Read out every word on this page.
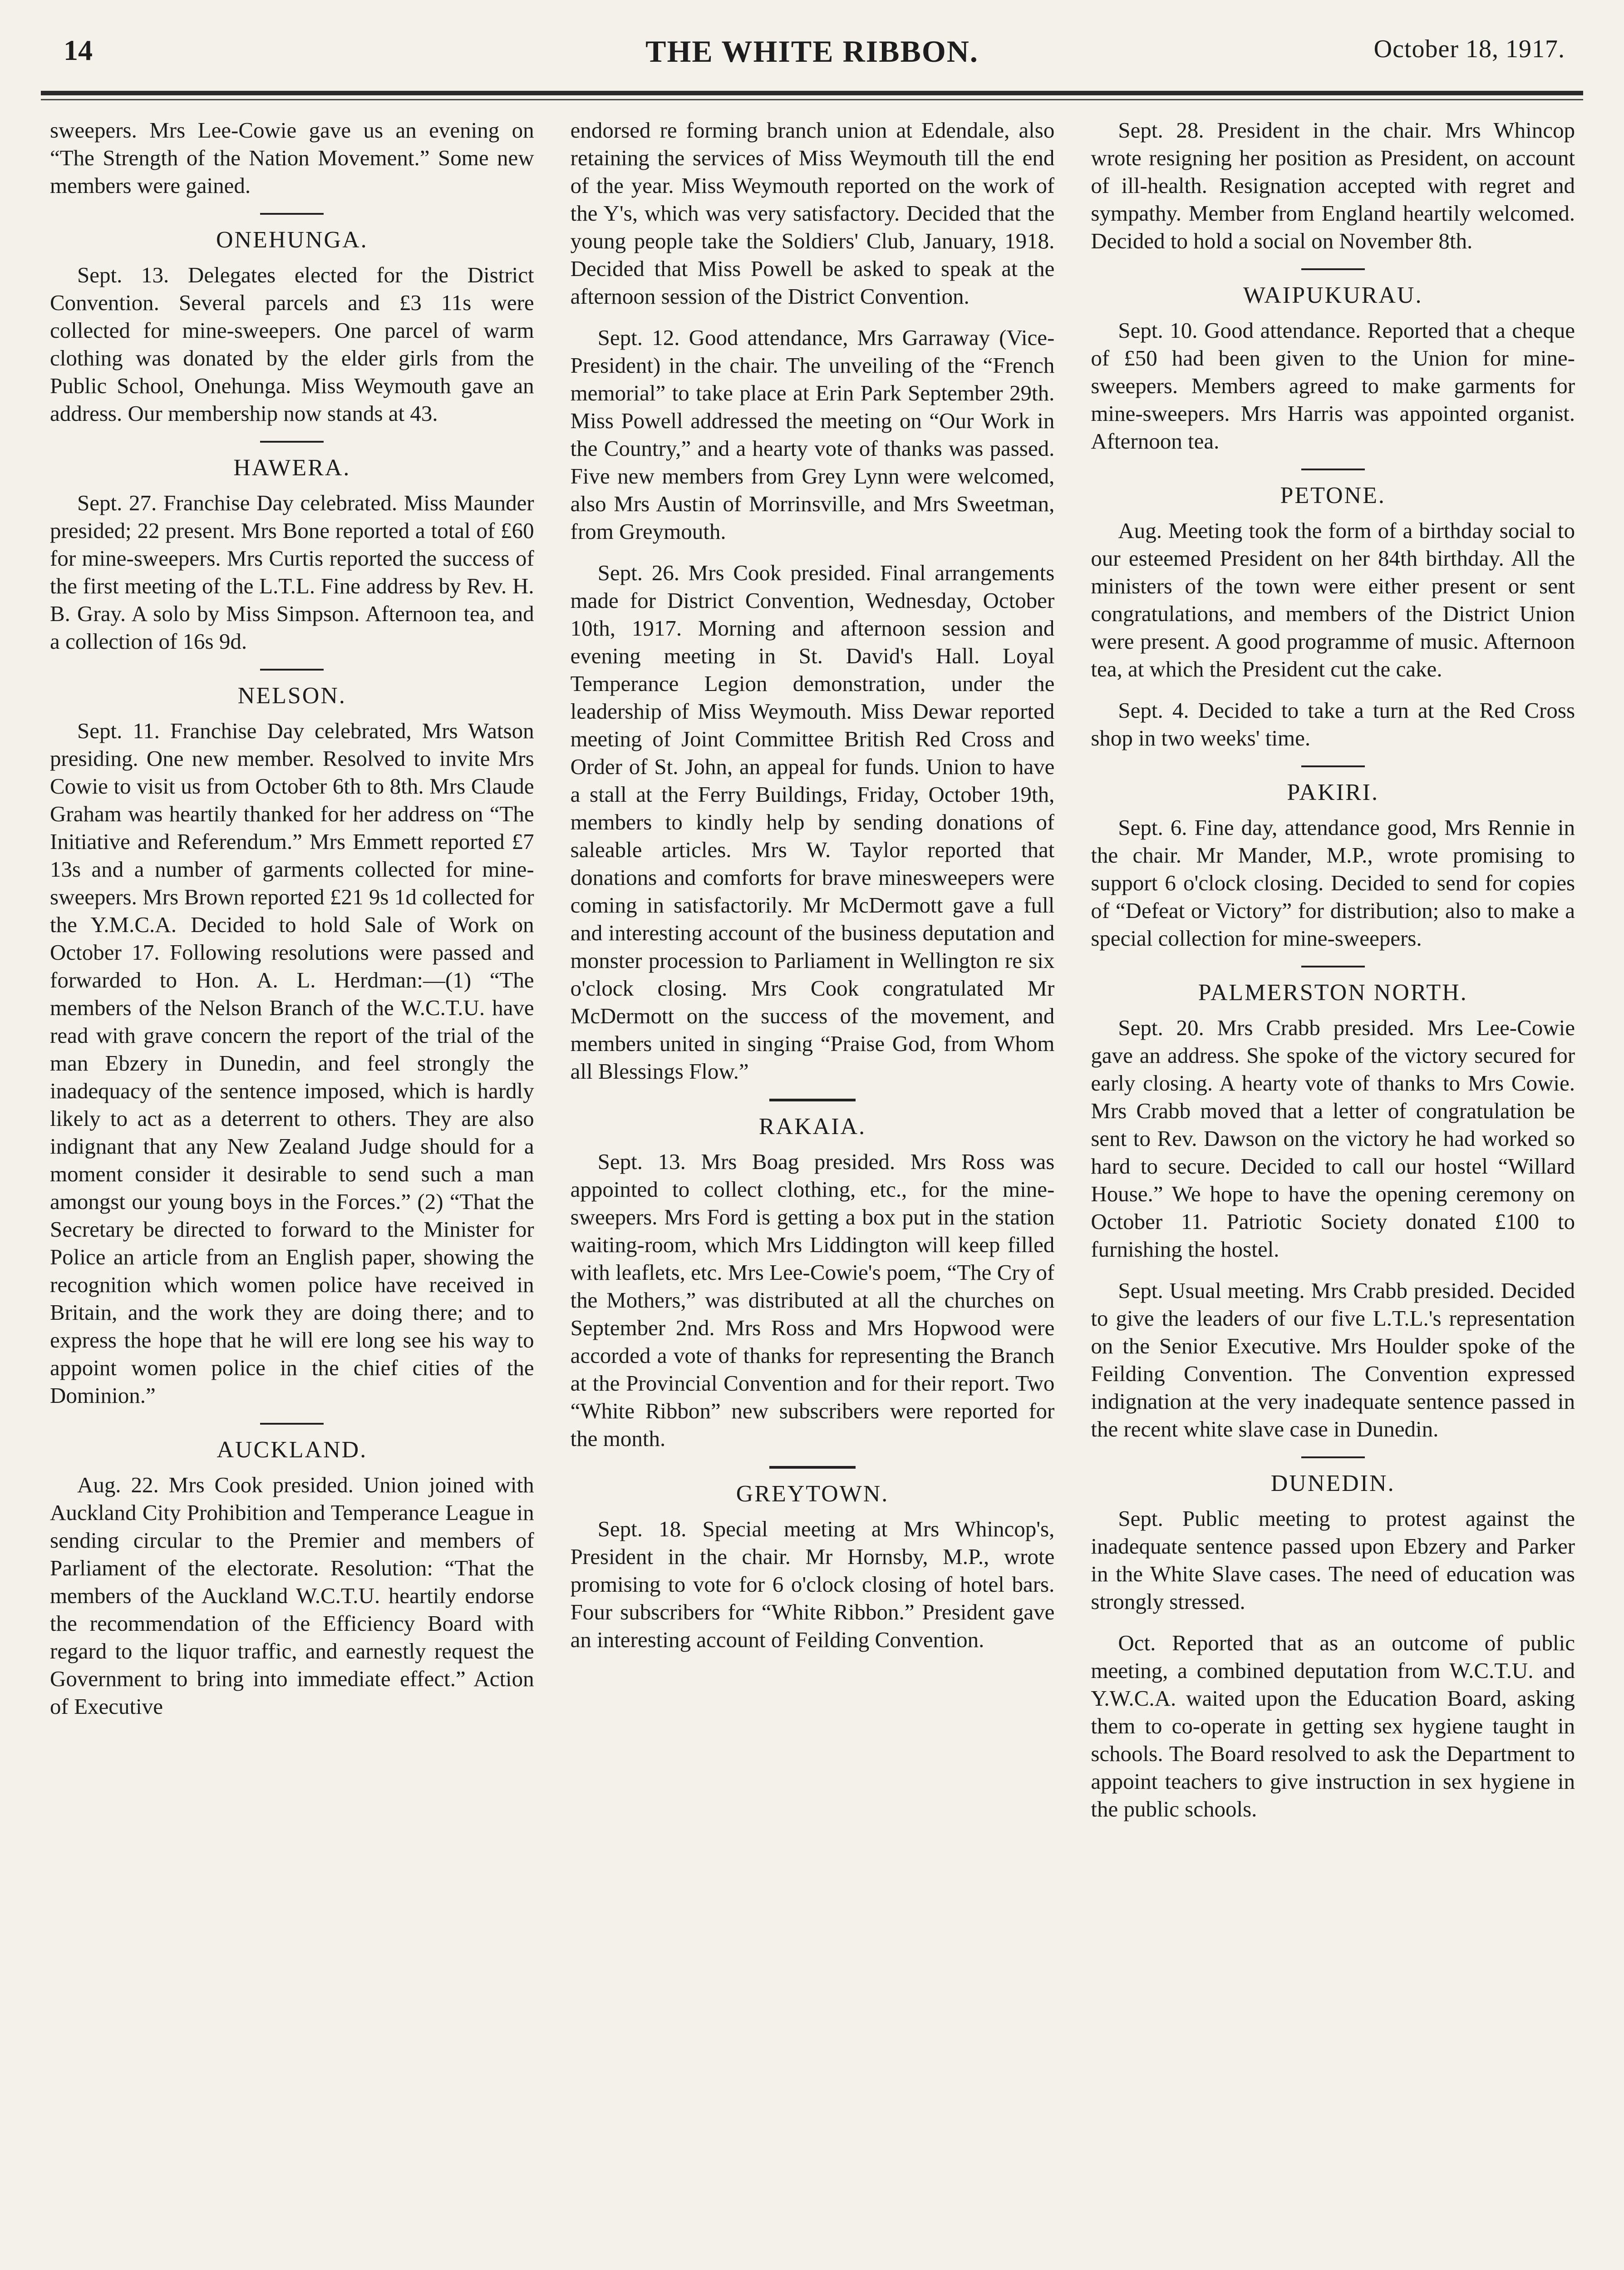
14	THE WHITE RIBBON.	October 18, 1917.

sweepers. Mrs Lee-Cowie gave us an evening on “The Strength of the Nation Movement.” Some new members were gained.

ONEHUNGA.

Sept. 13. Delegates elected for the District Convention. Several parcels and £3 11s were collected for mine-sweepers. One parcel of warm clothing was donated by the elder girls from the Public School, Onehunga. Miss Weymouth gave an address. Our membership now stands at 43.

HAWERA.

Sept. 27. Franchise Day celebrated. Miss Maunder presided; 22 present. Mrs Bone reported a total of £60 for mine-sweepers. Mrs Curtis reported the success of the first meeting of the L.T.L. Fine address by Rev. H. B. Gray. A solo by Miss Simpson. Afternoon tea, and a collection of 16s 9d.

NELSON.

Sept. 11. Franchise Day celebrated, Mrs Watson presiding. One new member. Resolved to invite Mrs Cowie to visit us from October 6th to 8th. Mrs Claude Graham was heartily thanked for her address on “The Initiative and Referendum.” Mrs Emmett reported £7 13s and a number of garments collected for mine-sweepers. Mrs Brown reported £21 9s 1d collected for the Y.M.C.A. Decided to hold Sale of Work on October 17. Following resolutions were passed and forwarded to Hon. A. L. Herdman:—(1) “The members of the Nelson Branch of the W.C.T.U. have read with grave concern the report of the trial of the man Ebzery in Dunedin, and feel strongly the inadequacy of the sentence imposed, which is hardly likely to act as a deterrent to others. They are also indignant that any New Zealand Judge should for a moment consider it desirable to send such a man amongst our young boys in the Forces.” (2) “That the Secretary be directed to forward to the Minister for Police an article from an English paper, showing the recognition which women police have received in Britain, and the work they are doing there; and to express the hope that he will ere long see his way to appoint women police in the chief cities of the Dominion.”

AUCKLAND.

Aug. 22. Mrs Cook presided. Union joined with Auckland City Prohibition and Temperance League in sending circular to the Premier and members of Parliament of the electorate. Resolution: “That the members of the Auckland W.C.T.U. heartily endorse the recommendation of the Efficiency Board with regard to the liquor traffic, and earnestly request the Government to bring into immediate effect.” Action of Executive

endorsed re forming branch union at Edendale, also retaining the services of Miss Weymouth till the end of the year. Miss Weymouth reported on the work of the Y's, which was very satisfactory. Decided that the young people take the Soldiers' Club, January, 1918. Decided that Miss Powell be asked to speak at the afternoon session of the District Convention.

Sept. 12. Good attendance, Mrs Garraway (Vice-President) in the chair. The unveiling of the “French memorial” to take place at Erin Park September 29th. Miss Powell addressed the meeting on “Our Work in the Country,” and a hearty vote of thanks was passed. Five new members from Grey Lynn were welcomed, also Mrs Austin of Morrinsville, and Mrs Sweetman, from Greymouth.

Sept. 26. Mrs Cook presided. Final arrangements made for District Convention, Wednesday, October 10th, 1917. Morning and afternoon session and evening meeting in St. David's Hall. Loyal Temperance Legion demonstration, under the leadership of Miss Weymouth. Miss Dewar reported meeting of Joint Committee British Red Cross and Order of St. John, an appeal for funds. Union to have a stall at the Ferry Buildings, Friday, October 19th, members to kindly help by sending donations of saleable articles. Mrs W. Taylor reported that donations and comforts for brave minesweepers were coming in satisfactorily. Mr McDermott gave a full and interesting account of the business deputation and monster procession to Parliament in Wellington re six o'clock closing. Mrs Cook congratulated Mr McDermott on the success of the movement, and members united in singing “Praise God, from Whom all Blessings Flow.”

RAKAIA.

Sept. 13. Mrs Boag presided. Mrs Ross was appointed to collect clothing, etc., for the mine-sweepers. Mrs Ford is getting a box put in the station waiting-room, which Mrs Liddington will keep filled with leaflets, etc. Mrs Lee-Cowie's poem, “The Cry of the Mothers,” was distributed at all the churches on September 2nd. Mrs Ross and Mrs Hopwood were accorded a vote of thanks for representing the Branch at the Provincial Convention and for their report. Two “White Ribbon” new subscribers were reported for the month.

GREYTOWN.

Sept. 18. Special meeting at Mrs Whincop's, President in the chair. Mr Hornsby, M.P., wrote promising to vote for 6 o'clock closing of hotel bars. Four subscribers for “White Ribbon.” President gave an interesting account of Feilding Convention.

Sept. 28. President in the chair. Mrs Whincop wrote resigning her position as President, on account of ill-health. Resignation accepted with regret and sympathy. Member from England heartily welcomed. Decided to hold a social on November 8th.

WAIPUKURAU.

Sept. 10. Good attendance. Reported that a cheque of £50 had been given to the Union for mine-sweepers. Members agreed to make garments for mine-sweepers. Mrs Harris was appointed organist. Afternoon tea.

PETONE.

Aug. Meeting took the form of a birthday social to our esteemed President on her 84th birthday. All the ministers of the town were either present or sent congratulations, and members of the District Union were present. A good programme of music. Afternoon tea, at which the President cut the cake.

Sept. 4. Decided to take a turn at the Red Cross shop in two weeks' time.

PAKIRI.

Sept. 6. Fine day, attendance good, Mrs Rennie in the chair. Mr Mander, M.P., wrote promising to support 6 o'clock closing. Decided to send for copies of “Defeat or Victory” for distribution; also to make a special collection for mine-sweepers.

PALMERSTON NORTH.

Sept. 20. Mrs Crabb presided. Mrs Lee-Cowie gave an address. She spoke of the victory secured for early closing. A hearty vote of thanks to Mrs Cowie. Mrs Crabb moved that a letter of congratulation be sent to Rev. Dawson on the victory he had worked so hard to secure. Decided to call our hostel “Willard House.” We hope to have the opening ceremony on October 11. Patriotic Society donated £100 to furnishing the hostel.

Sept. Usual meeting. Mrs Crabb presided. Decided to give the leaders of our five L.T.L.'s representation on the Senior Executive. Mrs Houlder spoke of the Feilding Convention. The Convention expressed indignation at the very inadequate sentence passed in the recent white slave case in Dunedin.

DUNEDIN.

Sept. Public meeting to protest against the inadequate sentence passed upon Ebzery and Parker in the White Slave cases. The need of education was strongly stressed.

Oct. Reported that as an outcome of public meeting, a combined deputation from W.C.T.U. and Y.W.C.A. waited upon the Education Board, asking them to co-operate in getting sex hygiene taught in schools. The Board resolved to ask the Department to appoint teachers to give instruction in sex hygiene in the public schools.
